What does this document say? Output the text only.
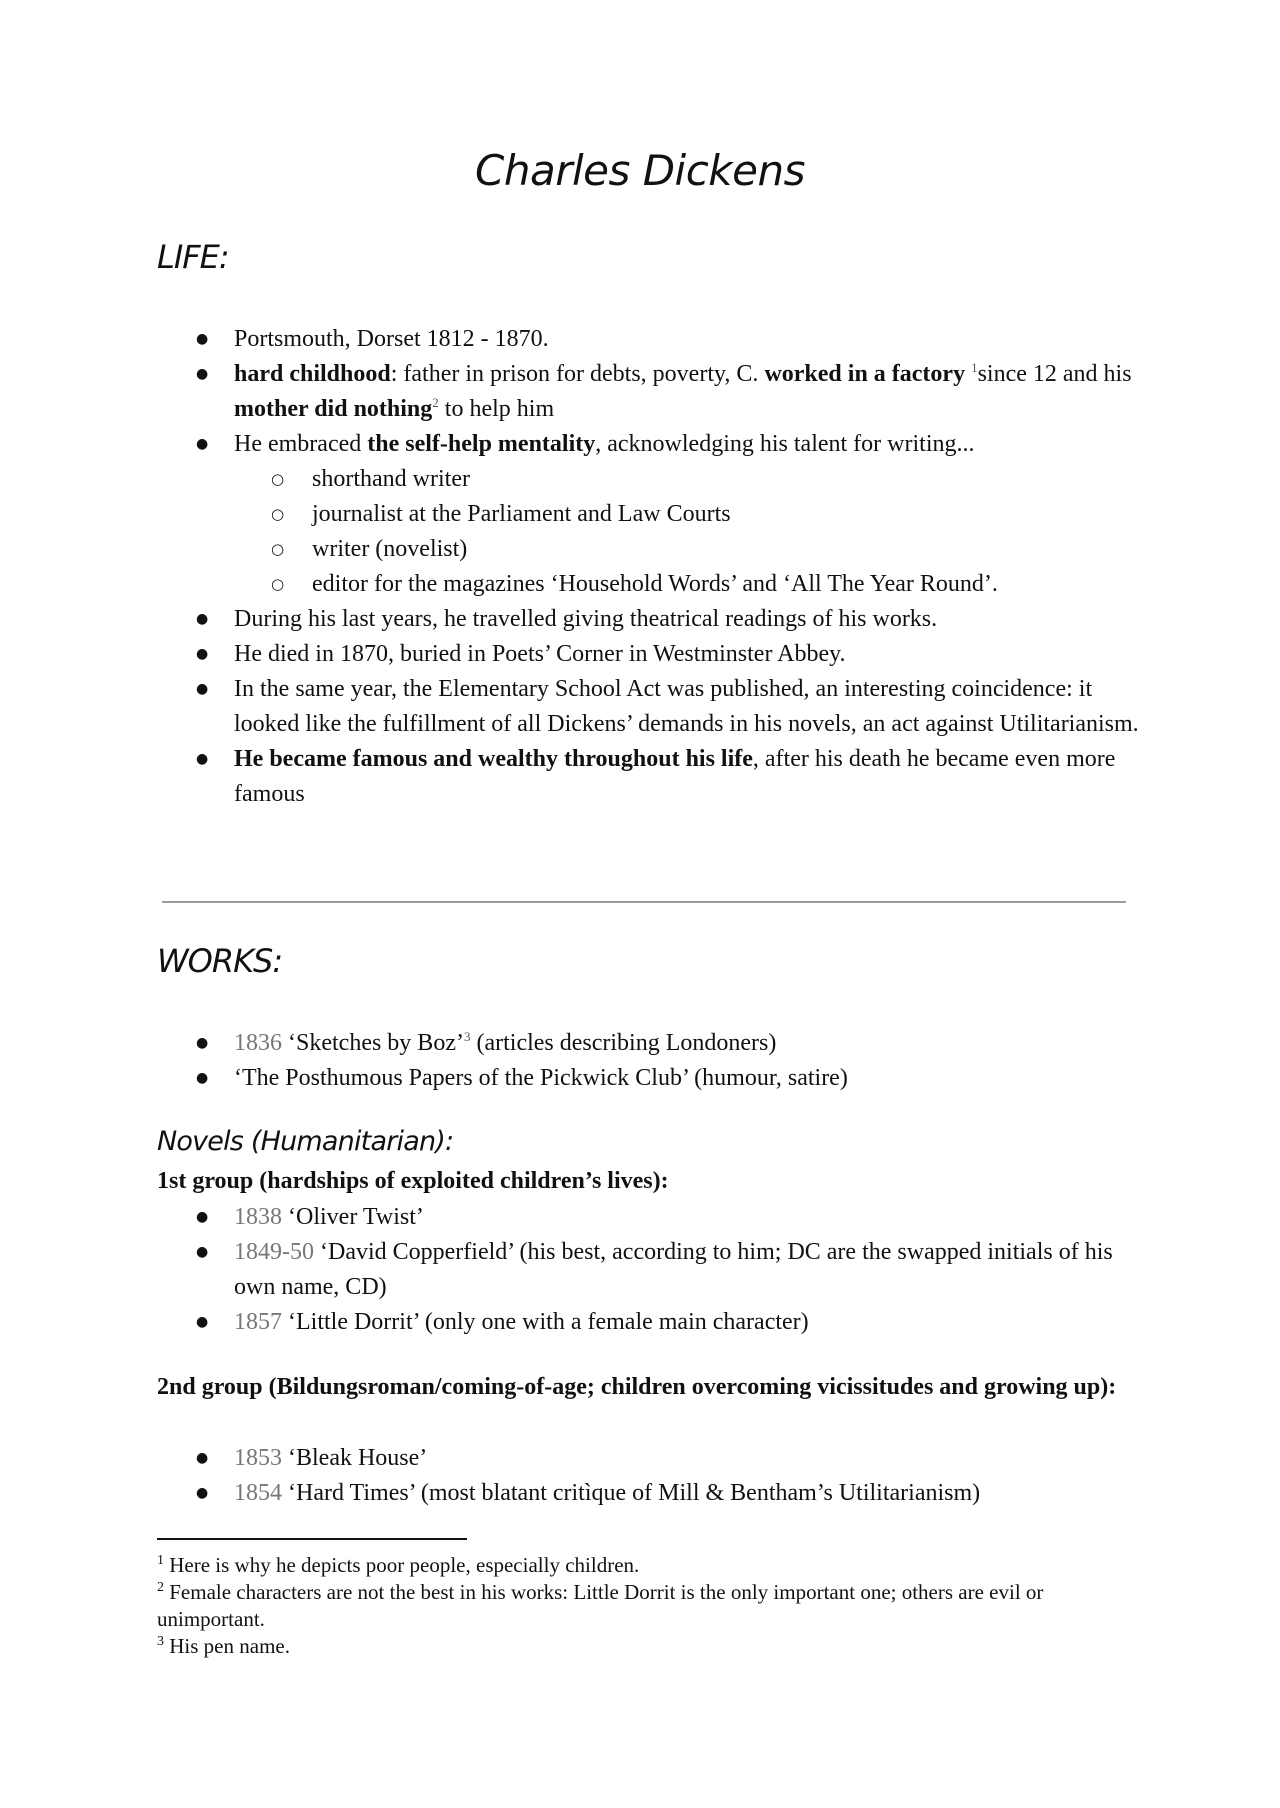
Charles Dickens
LIFE:
● Portsmouth, Dorset 1812 - 1870.
● hard childhood: father in prison for debts, poverty, C. worked in a factory $^1$since 12 and his mother did nothing$^2$ to help him
● He embraced the self-help mentality, acknowledging his talent for writing...
○ shorthand writer
○ journalist at the Parliament and Law Courts
○ writer (novelist)
○ editor for the magazines ‘Household Words’ and ‘All The Year Round’.
● During his last years, he travelled giving theatrical readings of his works.
● He died in 1870, buried in Poets’ Corner in Westminster Abbey.
● In the same year, the Elementary School Act was published, an interesting coincidence: it looked like the fulfillment of all Dickens’ demands in his novels, an act against Utilitarianism.
● He became famous and wealthy throughout his life, after his death he became even more famous
WORKS:
● 1836 ‘Sketches by Boz’$^3$ (articles describing Londoners)
● ‘The Posthumous Papers of the Pickwick Club’ (humour, satire)
Novels (Humanitarian):

1st group (hardships of exploited children’s lives):

● 1838 ‘Oliver Twist’
● 1849-50 ‘David Copperfield’ (his best, according to him; DC are the swapped initials of his own name, CD)
● 1857 ‘Little Dorrit’ (only one with a female main character)

2nd group (Bildungsroman/coming-of-age; children overcoming vicissitudes and growing up):

● 1853 ‘Bleak House’
● 1854 ‘Hard Times’ (most blatant critìque of Mill & Bentham’s Utilitarianism)

$^1$ Here is why he depicts poor people, especially children.

$^2$ Female characters are not the best in his works: Little Dorrit is the only important one; others are evil or unimportant.

$^3$ His pen name.
